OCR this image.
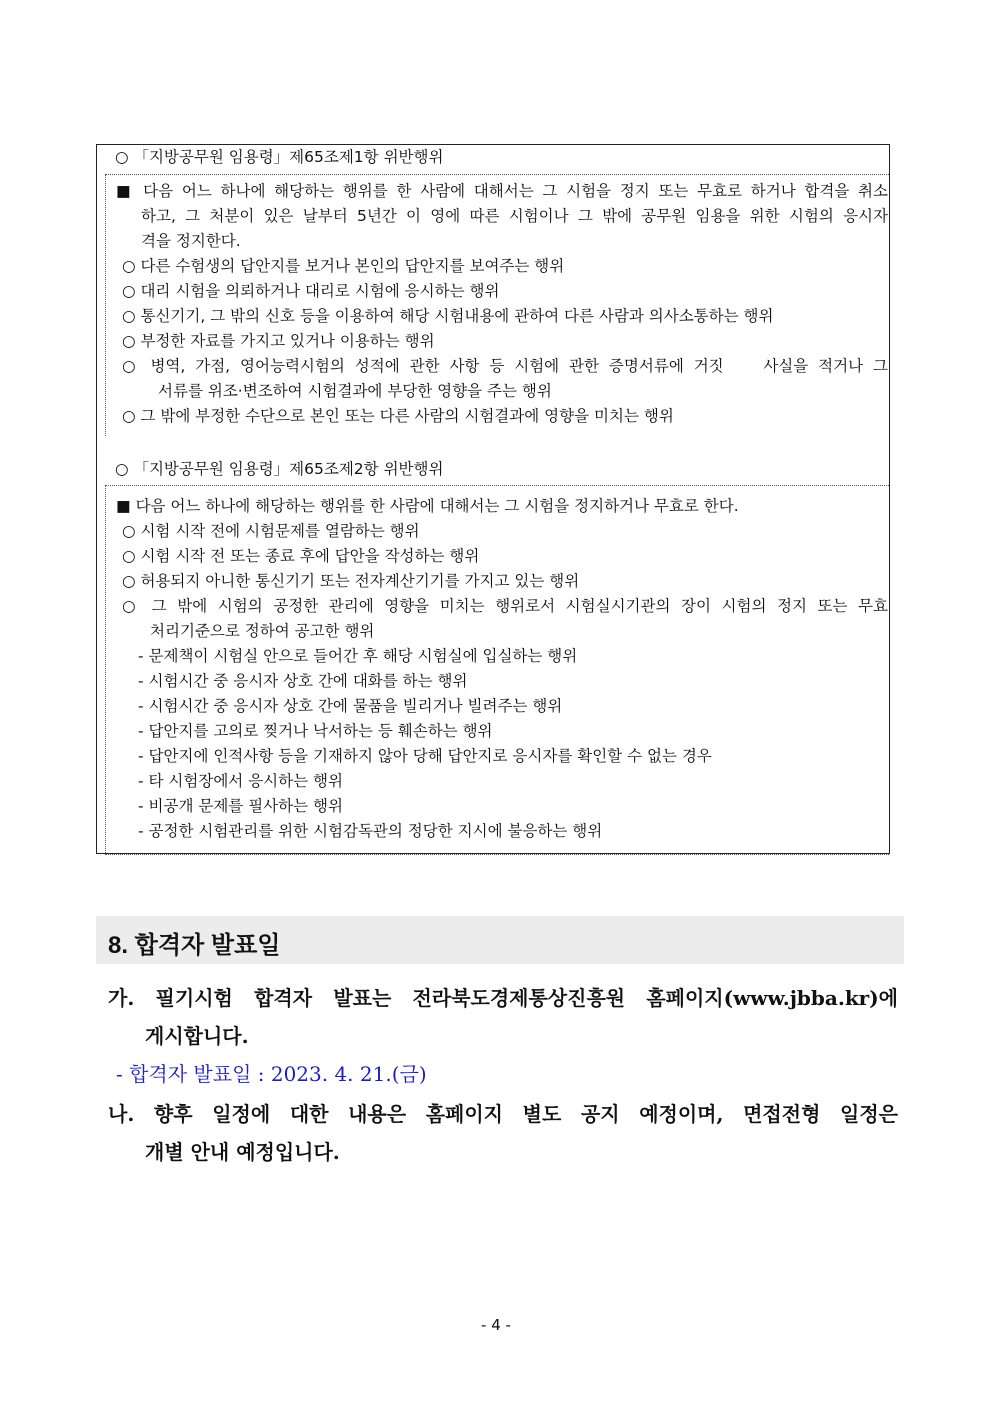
○ 「지방공무원 임용령」제65조제1항 위반행위
■ 다음 어느 하나에 해당하는 행위를 한 사람에 대해서는 그 시험을 정지 또는 무효로 하거나 합격을 취소
하고, 그 처분이 있은 날부터 5년간 이 영에 따른 시험이나 그 밖에 공무원 임용을 위한 시험의 응시자
격을 정지한다.
○ 다른 수험생의 답안지를 보거나 본인의 답안지를 보여주는 행위
○ 대리 시험을 의뢰하거나 대리로 시험에 응시하는 행위
○ 통신기기, 그 밖의 신호 등을 이용하여 해당 시험내용에 관하여 다른 사람과 의사소통하는 행위
○ 부정한 자료를 가지고 있거나 이용하는 행위
○ 병역, 가점, 영어능력시험의 성적에 관한 사항 등 시험에 관한 증명서류에 거짓    사실을 적거나 그
서류를 위조·변조하여 시험결과에 부당한 영향을 주는 행위
○ 그 밖에 부정한 수단으로 본인 또는 다른 사람의 시험결과에 영향을 미치는 행위
○ 「지방공무원 임용령」제65조제2항 위반행위
■ 다음 어느 하나에 해당하는 행위를 한 사람에 대해서는 그 시험을 정지하거나 무효로 한다.
○ 시험 시작 전에 시험문제를 열람하는 행위
○ 시험 시작 전 또는 종료 후에 답안을 작성하는 행위
○ 허용되지 아니한 통신기기 또는 전자계산기기를 가지고 있는 행위
○ 그 밖에 시험의 공정한 관리에 영향을 미치는 행위로서 시험실시기관의 장이 시험의 정지 또는 무효
처리기준으로 정하여 공고한 행위
- 문제책이 시험실 안으로 들어간 후 해당 시험실에 입실하는 행위
- 시험시간 중 응시자 상호 간에 대화를 하는 행위
- 시험시간 중 응시자 상호 간에 물품을 빌리거나 빌려주는 행위
- 답안지를 고의로 찢거나 낙서하는 등 훼손하는 행위
- 답안지에 인적사항 등을 기재하지 않아 당해 답안지로 응시자를 확인할 수 없는 경우
- 타 시험장에서 응시하는 행위
- 비공개 문제를 필사하는 행위
- 공정한 시험관리를 위한 시험감독관의 정당한 지시에 불응하는 행위
8. 합격자 발표일
가. 필기시험 합격자 발표는 전라북도경제통상진흥원 홈페이지(www.jbba.kr)에
게시합니다.
- 합격자 발표일 : 2023. 4. 21.(금)
나. 향후 일정에 대한 내용은 홈페이지 별도 공지 예정이며, 면접전형 일정은
개별 안내 예정입니다.
- 4 -
